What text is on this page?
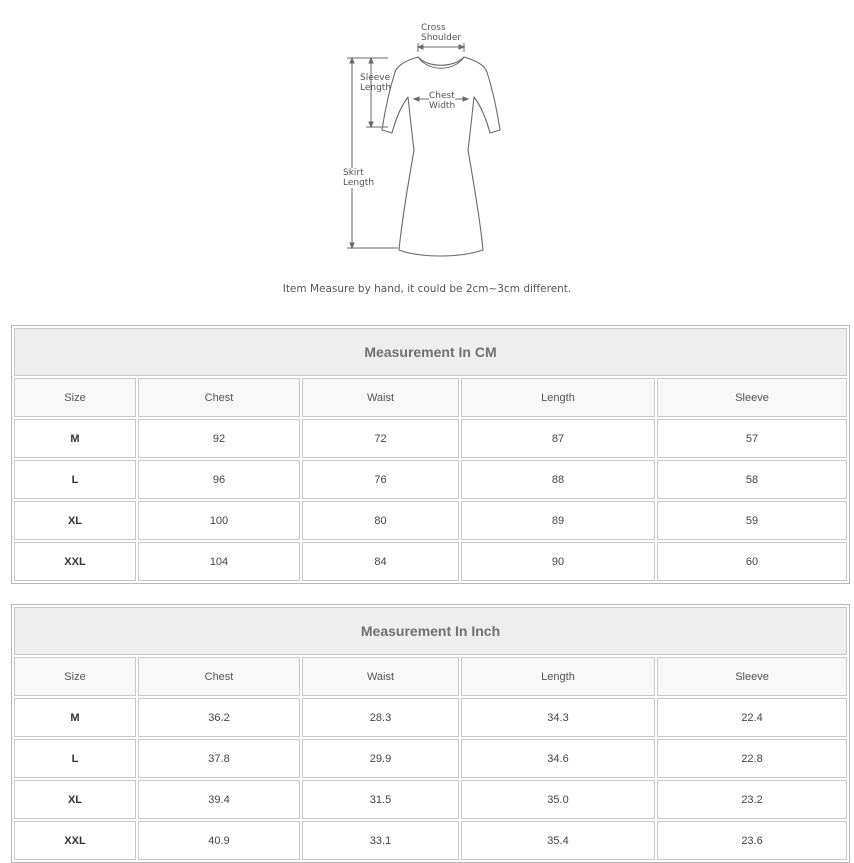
Cross
Shoulder
Sleeve
Length
Chest
Width
Skirt
Length
Item Measure by hand, it could be 2cm~3cm different.
Measurement In CM				
Size	Chest	Waist	Length	Sleeve
M	92	72	87	57
L	96	76	88	58
XL	100	80	89	59
XXL	104	84	90	60
Measurement In Inch				
Size	Chest	Waist	Length	Sleeve
M	36.2	28.3	34.3	22.4
L	37.8	29.9	34.6	22.8
XL	39.4	31.5	35.0	23.2
XXL	40.9	33.1	35.4	23.6
